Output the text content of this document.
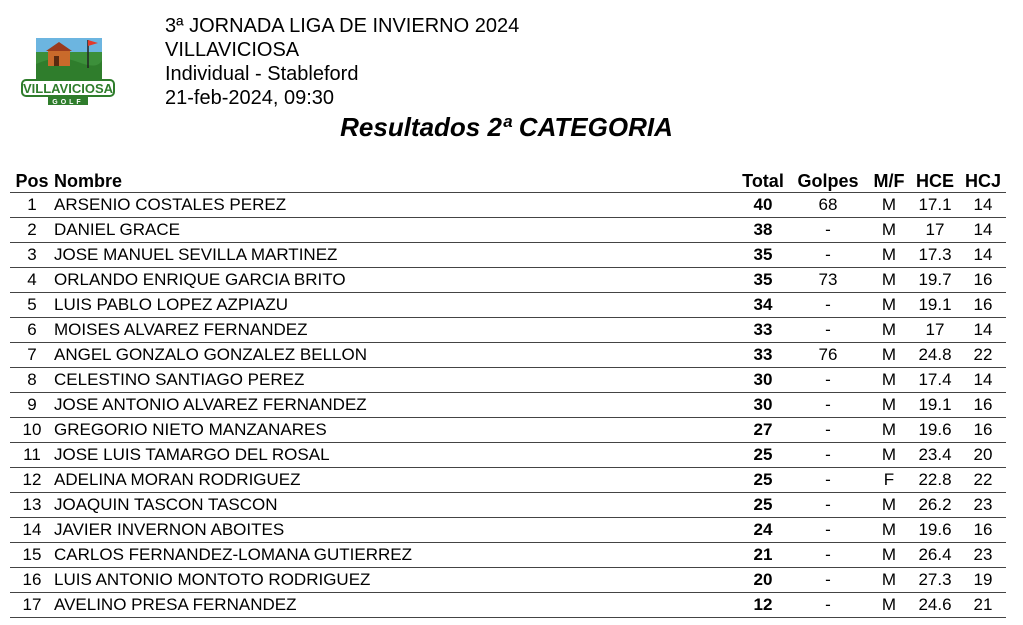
VILLAVICIOSA
GOLF
3ª JORNADA LIGA DE INVIERNO 2024
VILLAVICIOSA
Individual - Stableford
21-feb-2024, 09:30
Resultados 2ª CATEGORIA
Pos	Nombre	Total	Golpes	M/F	HCE	HCJ
1	ARSENIO COSTALES PEREZ	40	68	M	17.1	14
2	DANIEL GRACE	38	-	M	17	14
3	JOSE MANUEL SEVILLA MARTINEZ	35	-	M	17.3	14
4	ORLANDO ENRIQUE GARCIA BRITO	35	73	M	19.7	16
5	LUIS PABLO LOPEZ AZPIAZU	34	-	M	19.1	16
6	MOISES ALVAREZ FERNANDEZ	33	-	M	17	14
7	ANGEL GONZALO GONZALEZ BELLON	33	76	M	24.8	22
8	CELESTINO SANTIAGO PEREZ	30	-	M	17.4	14
9	JOSE ANTONIO ALVAREZ FERNANDEZ	30	-	M	19.1	16
10	GREGORIO NIETO MANZANARES	27	-	M	19.6	16
11	JOSE LUIS TAMARGO DEL ROSAL	25	-	M	23.4	20
12	ADELINA MORAN RODRIGUEZ	25	-	F	22.8	22
13	JOAQUIN TASCON TASCON	25	-	M	26.2	23
14	JAVIER INVERNON ABOITES	24	-	M	19.6	16
15	CARLOS FERNANDEZ-LOMANA GUTIERREZ	21	-	M	26.4	23
16	LUIS ANTONIO MONTOTO RODRIGUEZ	20	-	M	27.3	19
17	AVELINO PRESA FERNANDEZ	12	-	M	24.6	21
